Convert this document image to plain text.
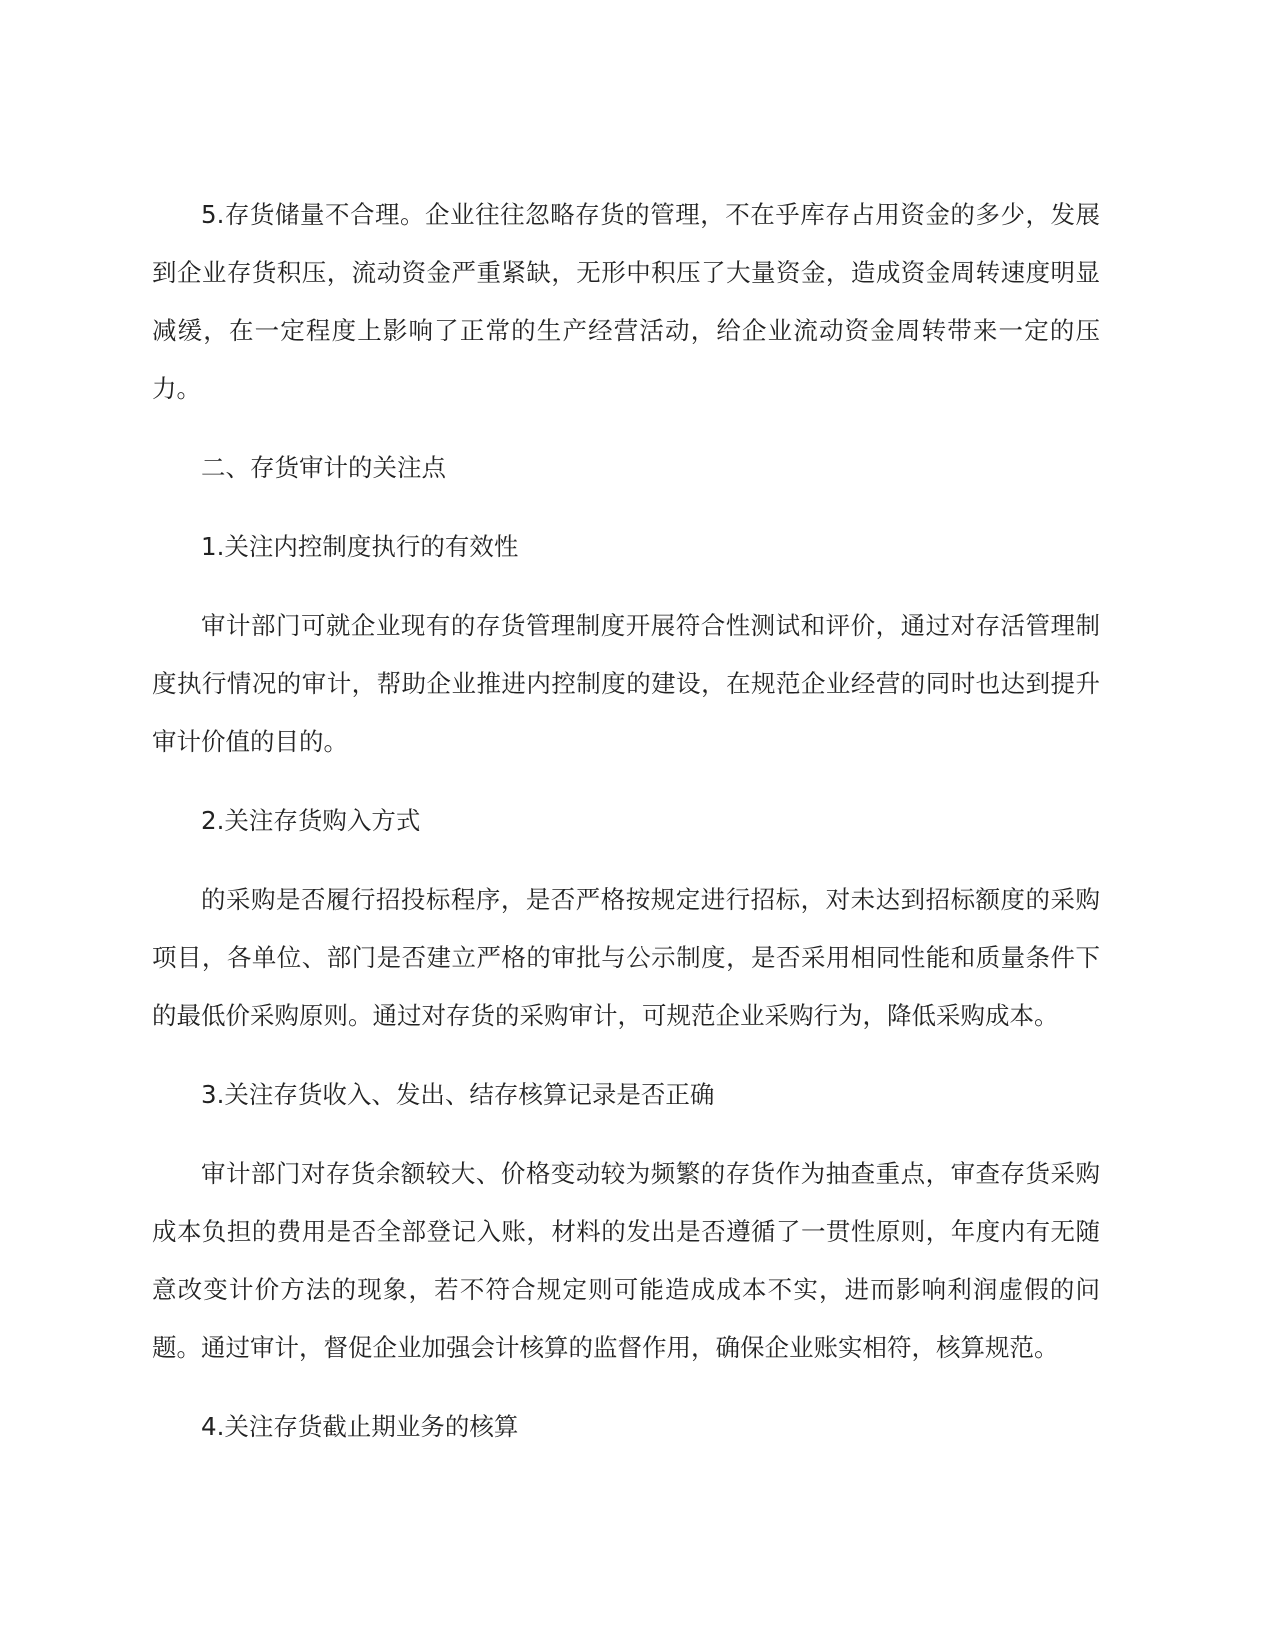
5.存货储量不合理。企业往往忽略存货的管理，不在乎库存占用资金的多少，发展到企业存货积压，流动资金严重紧缺，无形中积压了大量资金，造成资金周转速度明显减缓，在一定程度上影响了正常的生产经营活动，给企业流动资金周转带来一定的压力。

二、存货审计的关注点

1.关注内控制度执行的有效性

审计部门可就企业现有的存货管理制度开展符合性测试和评价，通过对存活管理制度执行情况的审计，帮助企业推进内控制度的建设，在规范企业经营的同时也达到提升审计价值的目的。

2.关注存货购入方式

的采购是否履行招投标程序，是否严格按规定进行招标，对未达到招标额度的采购项目，各单位、部门是否建立严格的审批与公示制度，是否采用相同性能和质量条件下的最低价采购原则。通过对存货的采购审计，可规范企业采购行为，降低采购成本。

3.关注存货收入、发出、结存核算记录是否正确

审计部门对存货余额较大、价格变动较为频繁的存货作为抽查重点，审查存货采购成本负担的费用是否全部登记入账，材料的发出是否遵循了一贯性原则，年度内有无随意改变计价方法的现象，若不符合规定则可能造成成本不实，进而影响利润虚假的问题。通过审计，督促企业加强会计核算的监督作用，确保企业账实相符，核算规范。

4.关注存货截止期业务的核算
